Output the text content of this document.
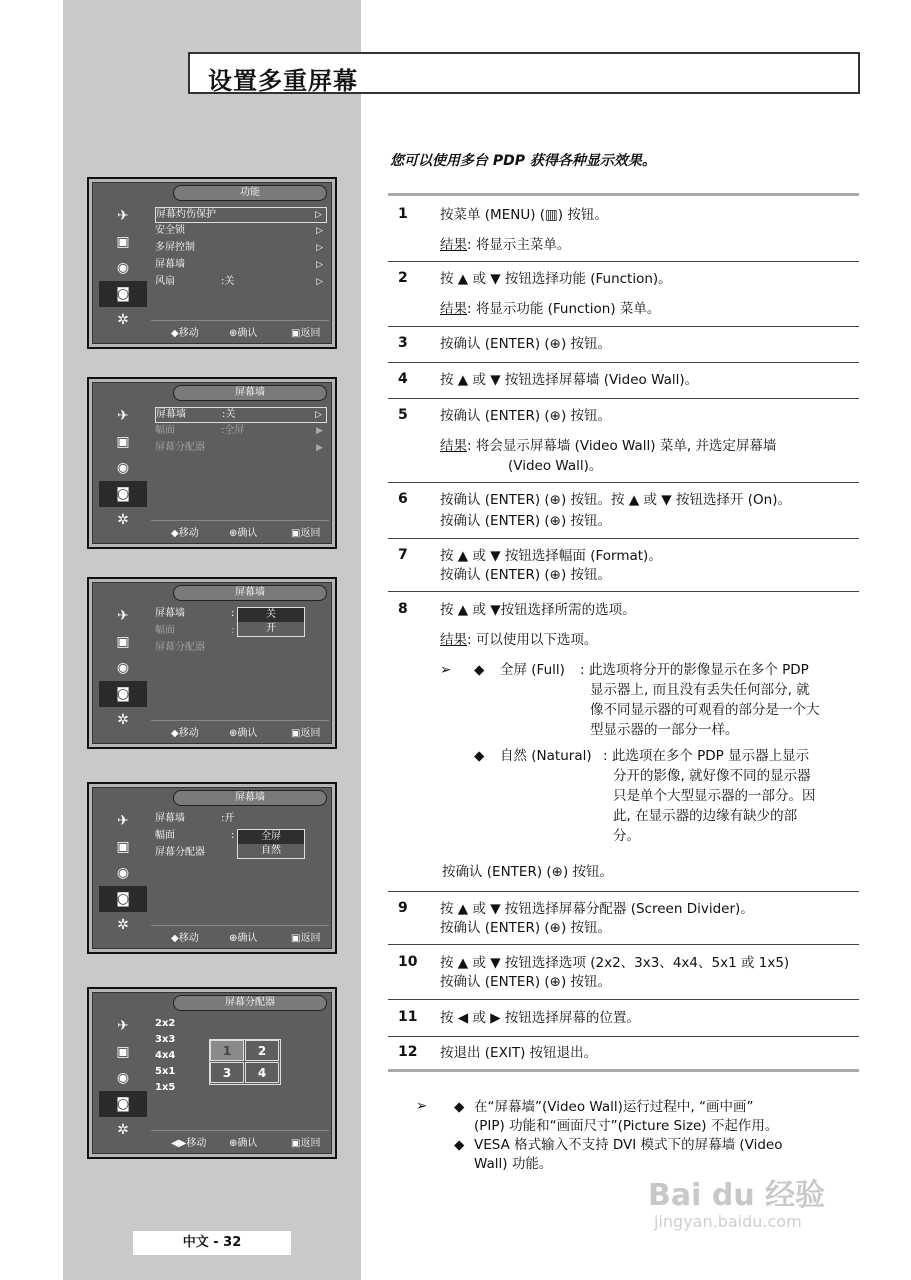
设置多重屏幕
功能
✈
▣
◉
◙
✲
屏幕灼伤保护	▷
安全锁	▷
多屏控制	▷
屏幕墙	▷
风扇	:关	▷
◆移动	⊕确认	▣返回
屏幕墙
✈
▣
◉
◙
✲
屏幕墙	:关	▷
幅面	:全屏	▶
屏幕分配器	▶
◆移动	⊕确认	▣返回
屏幕墙
✈
▣
◉
◙
✲
屏幕墙	:
幅面	:
屏幕分配器
关
开
◆移动	⊕确认	▣返回
屏幕墙
✈
▣
◉
◙
✲
屏幕墙	:开
幅面	:
屏幕分配器
全屏
自然
◆移动	⊕确认	▣返回
屏幕分配器
✈
▣
◉
◙
✲
2x2
3x3
4x4
5x1
1x5
1	2
3	4
◀▶移动 ⊕确认	▣返回
中文 - 32
您可以使用多台 PDP 获得各种显示效果。
1 按菜单 (MENU) (▥) 按钮。
结果: 将显示主菜单。
2 按 ▲ 或 ▼ 按钮选择功能 (Function)。
结果: 将显示功能 (Function) 菜单。
3 按确认 (ENTER) (⊕) 按钮。
4 按 ▲ 或 ▼ 按钮选择屏幕墙 (Video Wall)。
5 按确认 (ENTER) (⊕) 按钮。
结果: 将会显示屏幕墙 (Video Wall) 菜单, 并选定屏幕墙
(Video Wall)。
6 按确认 (ENTER) (⊕) 按钮。按 ▲ 或 ▼ 按钮选择开 (On)。
按确认 (ENTER) (⊕) 按钮。
7 按 ▲ 或 ▼ 按钮选择幅面 (Format)。
按确认 (ENTER) (⊕) 按钮。
8 按 ▲ 或 ▼按钮选择所需的选项。
结果: 可以使用以下选项。
➢ ◆ 全屏 (Full) : 此选项将分开的影像显示在多个 PDP
显示器上, 而且没有丢失任何部分, 就
像不同显示器的可观看的部分是一个大
型显示器的一部分一样。
◆ 自然 (Natural) : 此选项在多个 PDP 显示器上显示
分开的影像, 就好像不同的显示器
只是单个大型显示器的一部分。因
此, 在显示器的边缘有缺少的部
分。
按确认 (ENTER) (⊕) 按钮。
9 按 ▲ 或 ▼ 按钮选择屏幕分配器 (Screen Divider)。
按确认 (ENTER) (⊕) 按钮。
10 按 ▲ 或 ▼ 按钮选择选项 (2x2、3x3、4x4、5x1 或 1x5)
按确认 (ENTER) (⊕) 按钮。
11 按 ◀ 或 ▶ 按钮选择屏幕的位置。
12 按退出 (EXIT) 按钮退出。
➢ ◆ 在“屏幕墙”(Video Wall)运行过程中, “画中画”
(PIP) 功能和“画面尺寸”(Picture Size) 不起作用。
◆ VESA 格式输入不支持 DVI 模式下的屏幕墙 (Video
Wall) 功能。
Bai du 经验
jingyan.baidu.com
